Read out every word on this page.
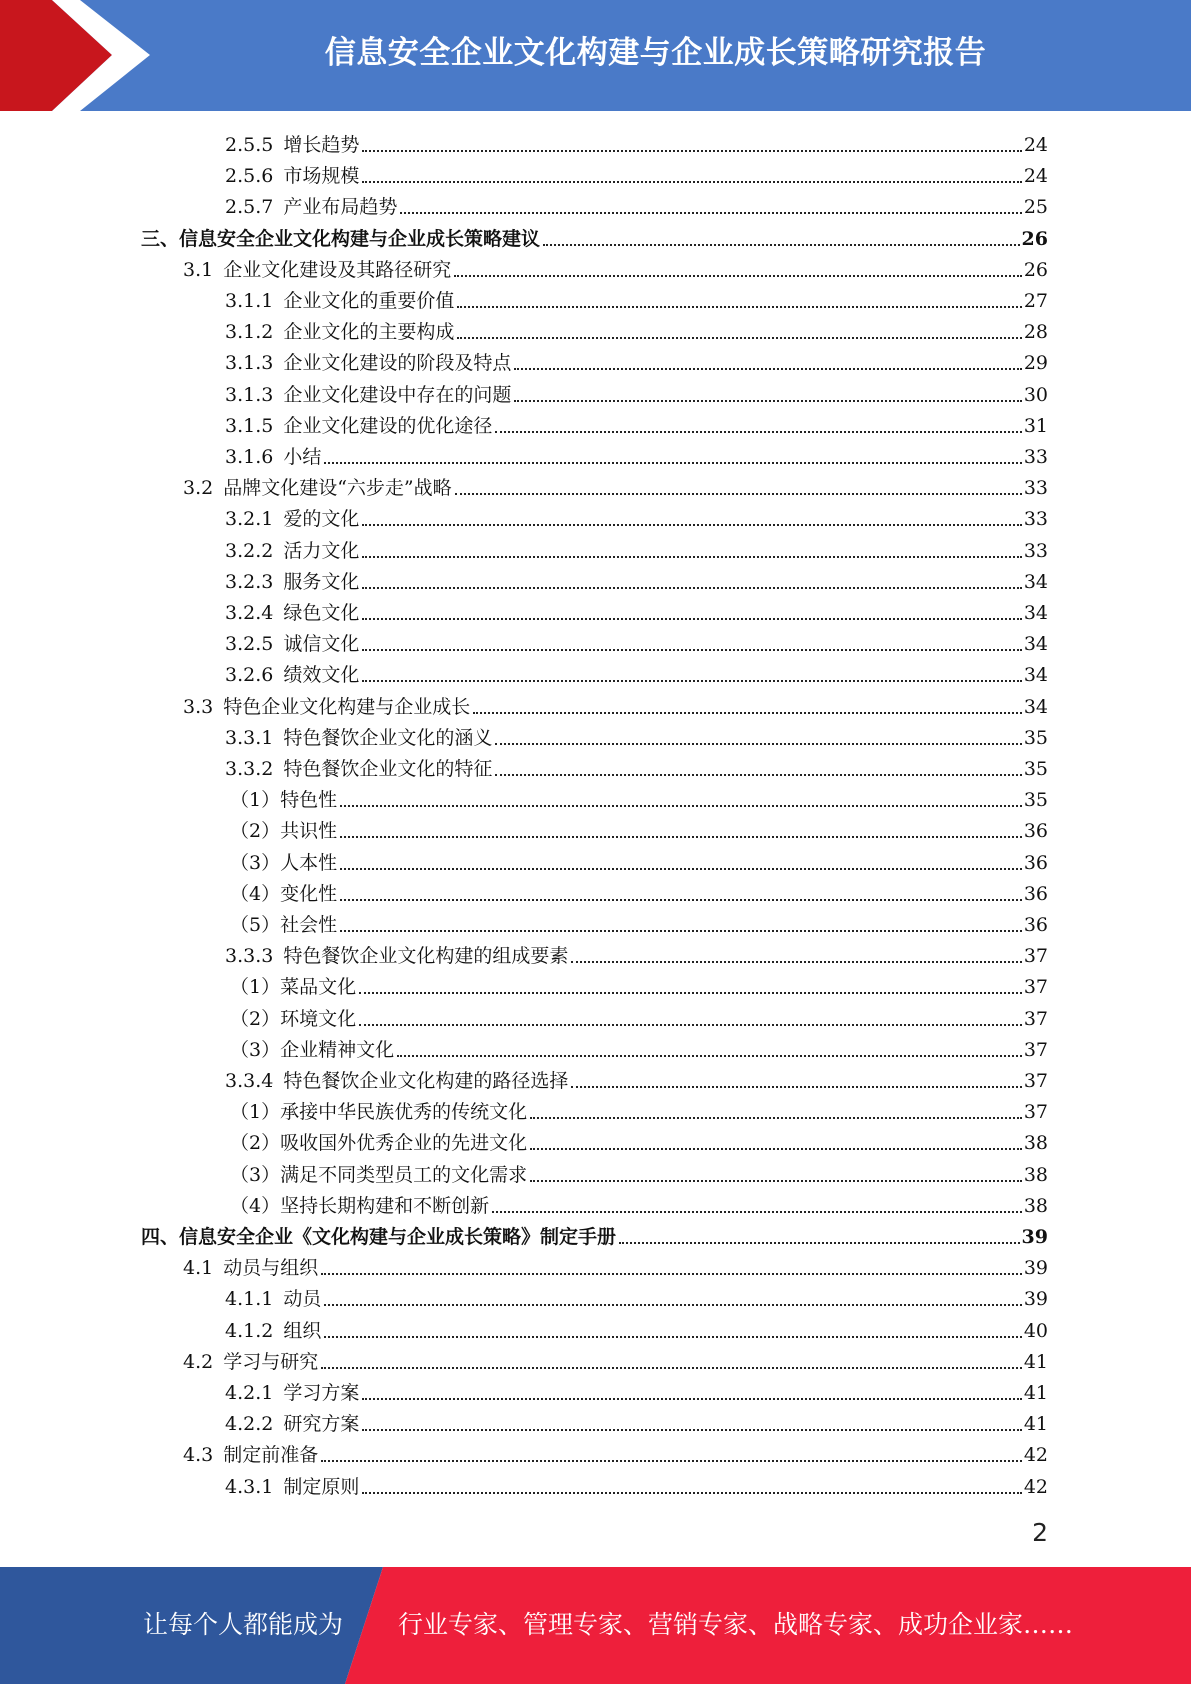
信息安全企业文化构建与企业成长策略研究报告
2.5.5 增长趋势	24
2.5.6 市场规模	24
2.5.7 产业布局趋势	25
三、信息安全企业文化构建与企业成长策略建议	26
3.1 企业文化建设及其路径研究	26
3.1.1 企业文化的重要价值	27
3.1.2 企业文化的主要构成	28
3.1.3 企业文化建设的阶段及特点	29
3.1.3 企业文化建设中存在的问题	30
3.1.5 企业文化建设的优化途径	31
3.1.6 小结	33
3.2 品牌文化建设“六步走”战略	33
3.2.1 爱的文化	33
3.2.2 活力文化	33
3.2.3 服务文化	34
3.2.4 绿色文化	34
3.2.5 诚信文化	34
3.2.6 绩效文化	34
3.3 特色企业文化构建与企业成长	34
3.3.1 特色餐饮企业文化的涵义	35
3.3.2 特色餐饮企业文化的特征	35
（1）特色性	35
（2）共识性	36
（3）人本性	36
（4）变化性	36
（5）社会性	36
3.3.3 特色餐饮企业文化构建的组成要素	37
（1）菜品文化	37
（2）环境文化	37
（3）企业精神文化	37
3.3.4 特色餐饮企业文化构建的路径选择	37
（1）承接中华民族优秀的传统文化	37
（2）吸收国外优秀企业的先进文化	38
（3）满足不同类型员工的文化需求	38
（4）坚持长期构建和不断创新	38
四、信息安全企业《文化构建与企业成长策略》制定手册	39
4.1 动员与组织	39
4.1.1 动员	39
4.1.2 组织	40
4.2 学习与研究	41
4.2.1 学习方案	41
4.2.2 研究方案	41
4.3 制定前准备	42
4.3.1 制定原则	42
2
让每个人都能成为 行业专家、管理专家、营销专家、战略专家、成功企业家……
